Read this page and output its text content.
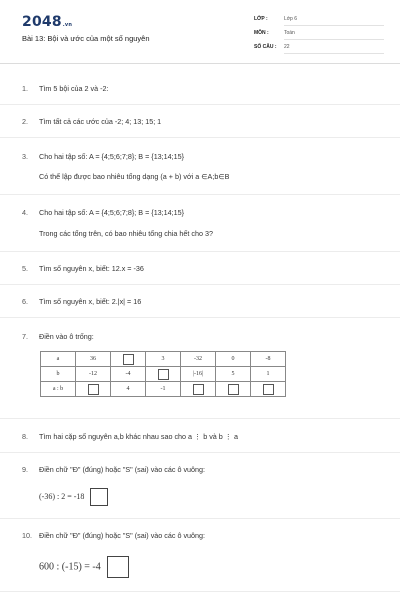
2048.vn
Bài 13: Bội và ước của một số nguyên
LỚP :	Lớp 6
MÔN :	Toán
SỐ CÂU : 22
1. Tìm 5 bội của 2 và -2:
2. Tìm tất cả các ước của -2; 4; 13; 15; 1
3. Cho hai tập số: A = {4;5;6;7;8}; B = {13;14;15}
Có thể lập được bao nhiêu tổng dạng (a + b) với a ∈A;b∈B
4. Cho hai tập số: A = {4;5;6;7;8}; B = {13;14;15}
Trong các tổng trên, có bao nhiêu tổng chia hết cho 3?
5. Tìm số nguyên x, biết: 12.x = -36
6. Tìm số nguyên x, biết: 2.|x| = 16
7. Điền vào ô trống:
a	36		3	-32	0	-8
b	-12	-4		|-16|	5	1
a : b		4	-1			
8. Tìm hai cặp số nguyên a,b khác nhau sao cho a ⋮ b và b ⋮ a
9. Điền chữ "Đ" (đúng) hoặc "S" (sai) vào các ô vuông:
(-36) : 2 = -18
10. Điền chữ "Đ" (đúng) hoặc "S" (sai) vào các ô vuông:
600 : (-15) = -4
